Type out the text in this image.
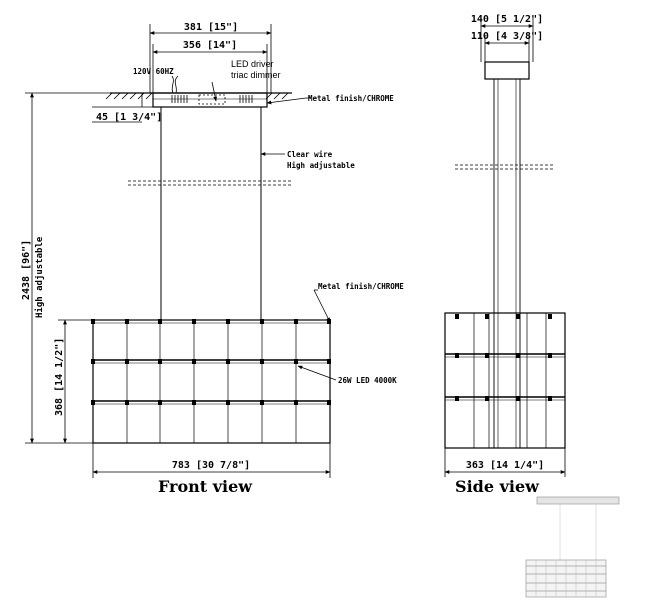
381 [15"]
356 [14"]
45 [1 3/4"]
120V 60HZ
LED driver
triac dimmer
Metal finish/CHROME
Clear wire
High adjustable
Metal finish/CHROME
26W LED 4000K
2438 [96"] High adjustable
368 [14 1/2"]
783 [30 7/8"]
Front view
140 [5 1/2"]
110 [4 3/8"]
363 [14 1/4"]
Side view
